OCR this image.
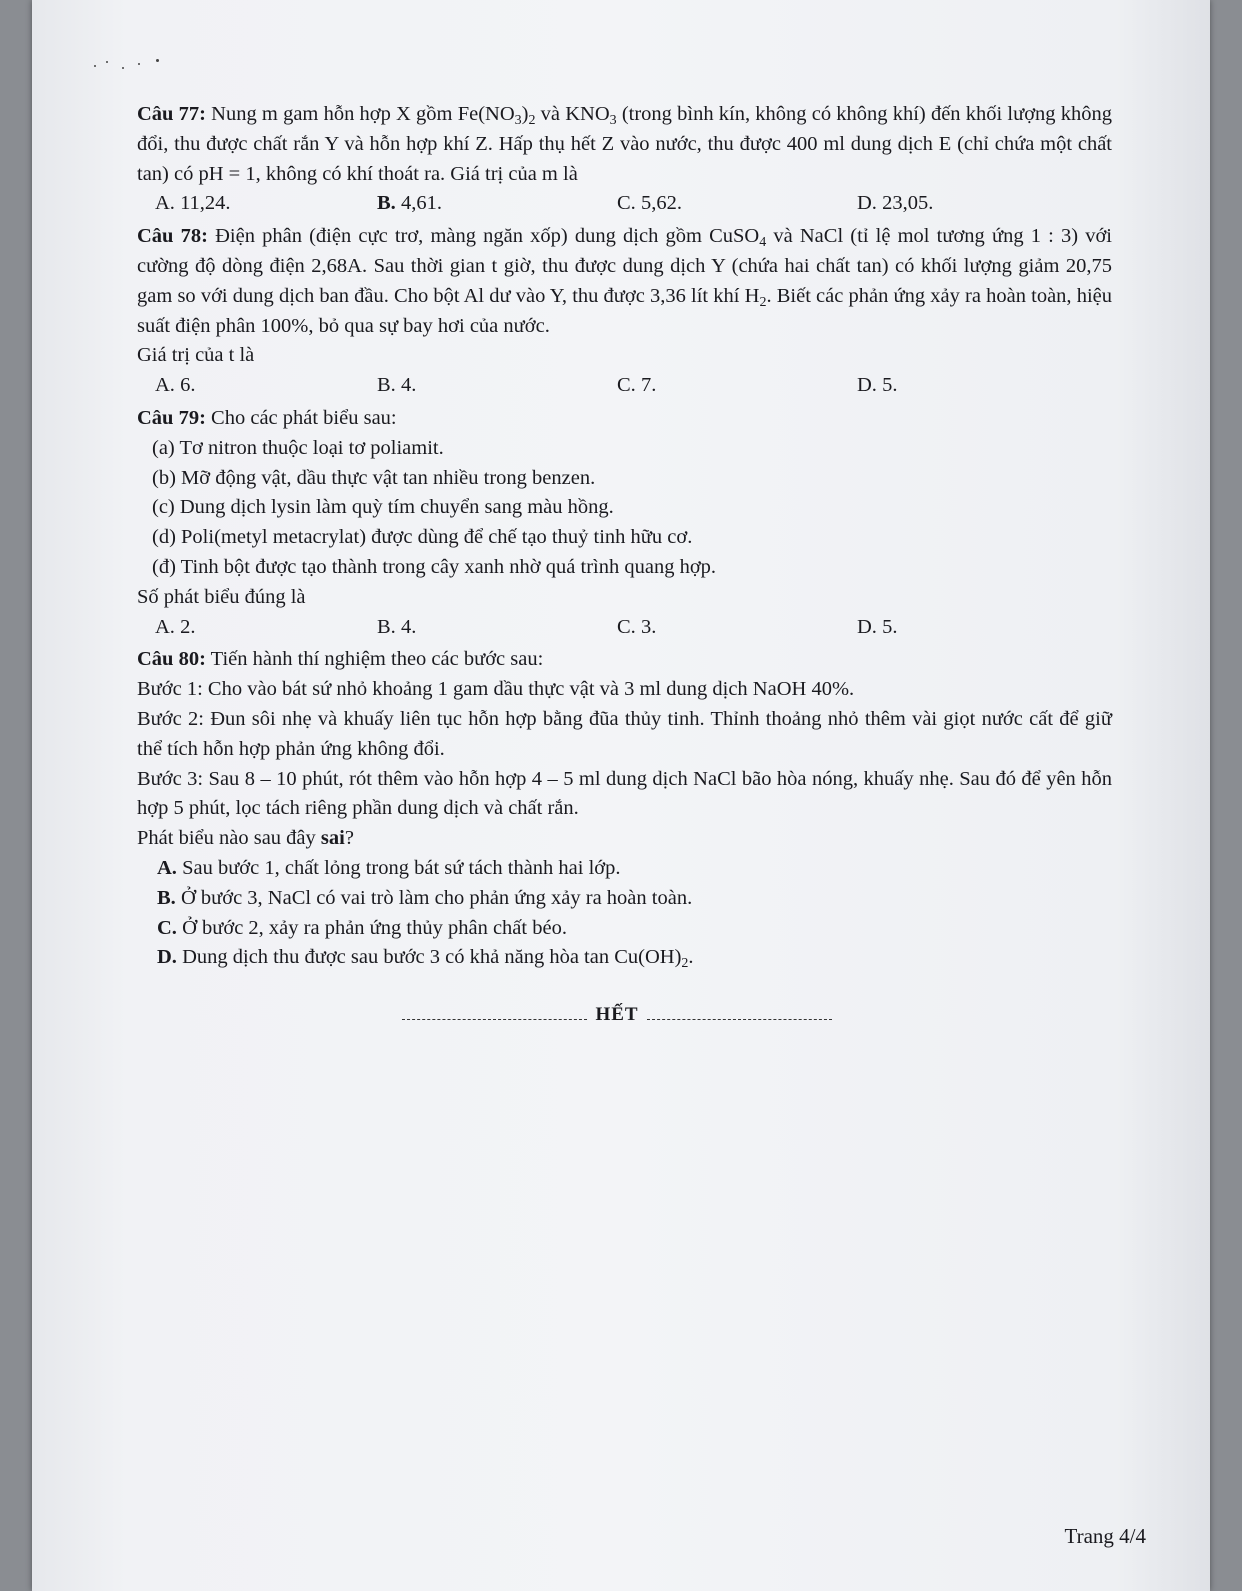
Câu 77: Nung m gam hỗn hợp X gồm $Fe(NO_3)_2$ và $KNO_3$ (trong bình kín, không có không khí) đến khối lượng không đổi, thu được chất rắn Y và hỗn hợp khí Z. Hấp thụ hết Z vào nước, thu được 400 ml dung dịch E (chỉ chứa một chất tan) có pH = 1, không có khí thoát ra. Giá trị của m là

A. 11,24.	B. 4,61.	C. 5,62.	D. 23,05.

Câu 78: Điện phân (điện cực trơ, màng ngăn xốp) dung dịch gồm CuSO$_4$ và NaCl (tỉ lệ mol tương ứng 1 : 3) với cường độ dòng điện 2,68A. Sau thời gian t giờ, thu được dung dịch Y (chứa hai chất tan) có khối lượng giảm 20,75 gam so với dung dịch ban đầu. Cho bột Al dư vào Y, thu được 3,36 lít khí $H_2$. Biết các phản ứng xảy ra hoàn toàn, hiệu suất điện phân 100%, bỏ qua sự bay hơi của nước.

Giá trị của t là

A. 6.	B. 4.	C. 7.	D. 5.

Câu 79: Cho các phát biểu sau:

(a) Tơ nitron thuộc loại tơ poliamit.

(b) Mỡ động vật, dầu thực vật tan nhiều trong benzen.

(c) Dung dịch lysin làm quỳ tím chuyển sang màu hồng.

(d) Poli(metyl metacrylat) được dùng để chế tạo thuỷ tinh hữu cơ.

(đ) Tinh bột được tạo thành trong cây xanh nhờ quá trình quang hợp.

Số phát biểu đúng là

A. 2.	B. 4.	C. 3.	D. 5.

Câu 80: Tiến hành thí nghiệm theo các bước sau:

Bước 1: Cho vào bát sứ nhỏ khoảng 1 gam dầu thực vật và 3 ml dung dịch NaOH 40%.

Bước 2: Đun sôi nhẹ và khuấy liên tục hỗn hợp bằng đũa thủy tinh. Thỉnh thoảng nhỏ thêm vài giọt nước cất để giữ thể tích hỗn hợp phản ứng không đổi.

Bước 3: Sau 8 – 10 phút, rót thêm vào hỗn hợp 4 – 5 ml dung dịch NaCl bão hòa nóng, khuấy nhẹ. Sau đó để yên hỗn hợp 5 phút, lọc tách riêng phần dung dịch và chất rắn.

Phát biểu nào sau đây sai?

A. Sau bước 1, chất lỏng trong bát sứ tách thành hai lớp.

B. Ở bước 3, NaCl có vai trò làm cho phản ứng xảy ra hoàn toàn.

C. Ở bước 2, xảy ra phản ứng thủy phân chất béo.

D. Dung dịch thu được sau bước 3 có khả năng hòa $\tan Cu(OH)_2$.

HẾT
Trang 4/4
